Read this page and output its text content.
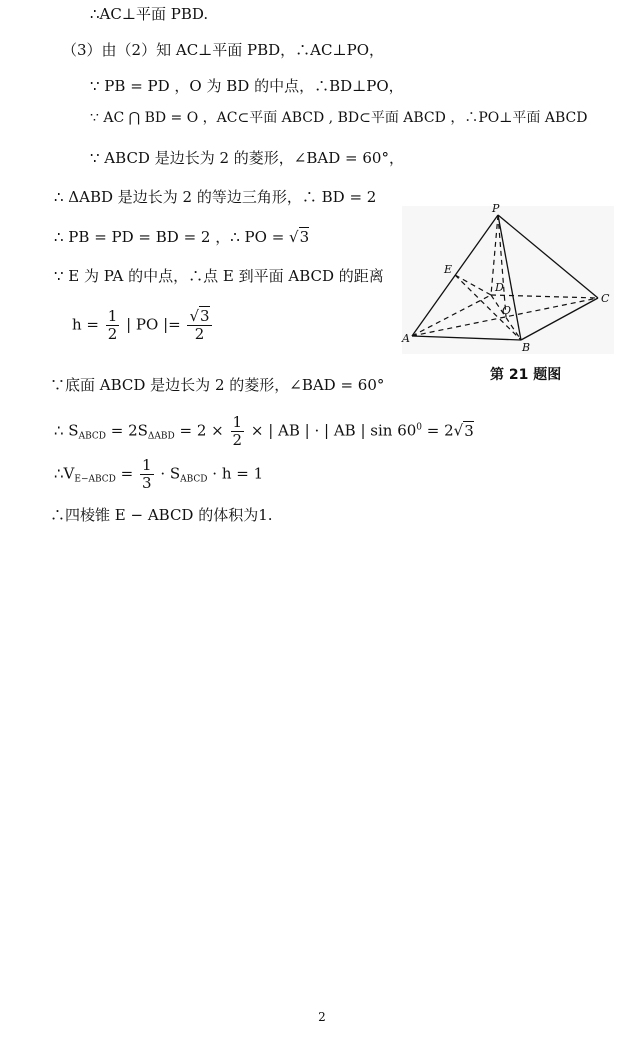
∴AC⊥平面 PBD.
（3）由（2）知 AC⊥平面 PBD，∴AC⊥PO，
∵ PB = PD ，O 为 BD 的中点，∴BD⊥PO，
∵ AC ⋂ BD = O ，AC⊂平面 ABCD , BD⊂平面 ABCD ，∴PO⊥平面 ABCD
∵ ABCD 是边长为 2 的菱形，∠BAD = 60°，
∴ ΔABD 是边长为 2 的等边三角形，∴ BD = 2
∴ PB = PD = BD = 2 ，∴ PO = √3
∵ E 为 PA 的中点，∴点 E 到平面 ABCD 的距离
$h = \frac{1}{2}$ | PO |= $\frac{√3}{2}$
∵底面 ABCD 是边长为 2 的菱形，∠BAD = 60°
∴ $S_{ABCD} = 2S_{\Delta ABD} = 2 \times \frac{1}{2}$ × | AB | · | AB | $\sin 60^0 = 2√3$
$\therefore V_{E-ABCD} = \frac{1}{3} \cdot S_{ABCD} \cdot h = 1$
∴四棱锥 E − ABCD 的体积为1.
P
E
D
O
A
B
C
第 21 题图
2
